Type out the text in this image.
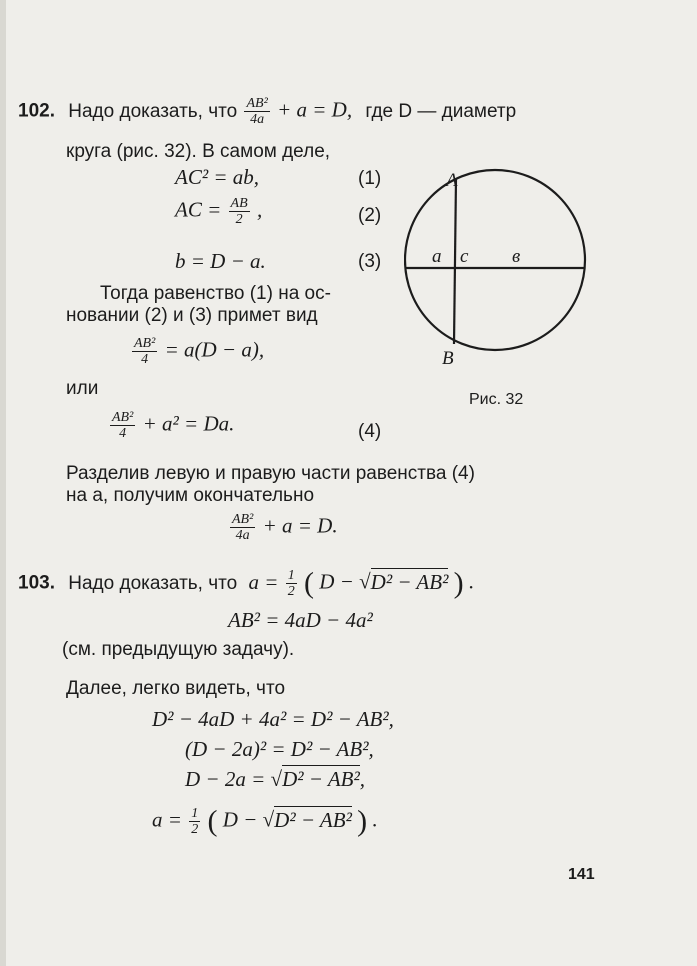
102. Надо доказать, что $\frac{\text{AB²}}{4a} + a = D$, где D — диаметр
круга (рис. 32). В самом деле,
AC² = ab,	(1)
AC = $\frac{AB}{2}$ ,	(2)
b = D − a.	(3)
Тогда равенство (1) на ос-
новании (2) и (3) примет вид
$\frac{\text{AB²}}{4} = a(D - a)$,
или
$\frac{\text{AB²}}{4} + a^2 = Da$.	(4)
Разделив левую и правую части равенства (4)
на a, получим окончательно
$\frac{\text{AB²}}{4a} + a = D$.
A
B
a c в
Рис. 32
103. Надо доказать, что $a = \frac{1}{2}$ ( D − √D² − AB² ) .
AB² = 4aD − 4a²
(см. предыдущую задачу).
Далее, легко видеть, что
D² − 4aD + 4a² = D² − AB²,
(D − 2a)² = D² − AB²,
D − 2a = √D² − AB²,
$a = \frac{1}{2}$ ( D − √D² − AB² ) .
141
